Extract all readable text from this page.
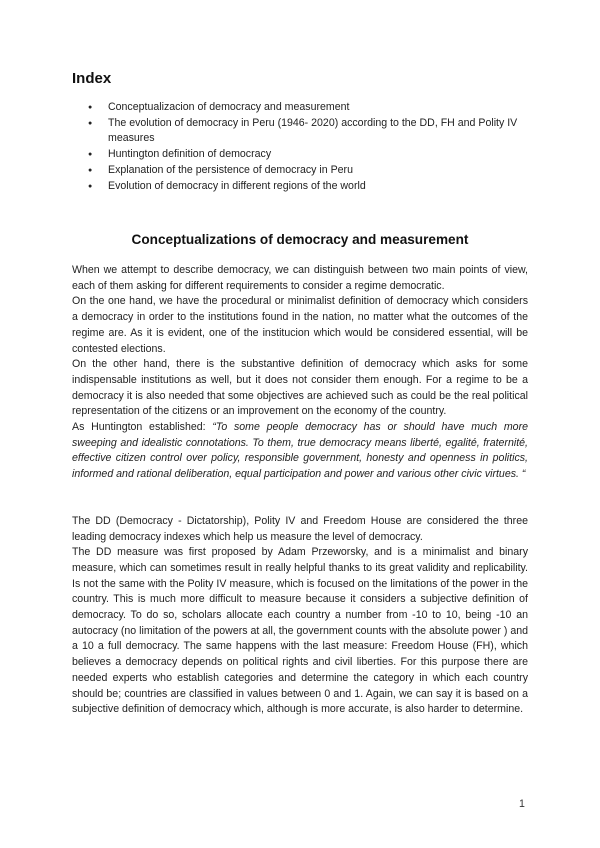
Index
● Conceptualizacion of democracy and measurement
● The evolution of democracy in Peru (1946- 2020) according to the DD, FH and Polity IV measures
● Huntington definition of democracy
● Explanation of the persistence of democracy in Peru
● Evolution of democracy in different regions of the world
Conceptualizations of democracy and measurement

When we attempt to describe democracy, we can distinguish between two main points of view, each of them asking for different requirements to consider a regime democratic.

On the one hand, we have the procedural or minimalist definition of democracy which considers a democracy in order to the institutions found in the nation, no matter what the outcomes of the regime are. As it is evident, one of the institucion which would be considered essential, will be contested elections.

On the other hand, there is the substantive definition of democracy which asks for some indispensable institutions as well, but it does not consider them enough. For a regime to be a democracy it is also needed that some objectives are achieved such as could be the real political representation of the citizens or an improvement on the economy of the country.

As Huntington established: “To some people democracy has or should have much more sweeping and idealistic connotations. To them, true democracy means liberté, egalité, fraternité, effective citizen control over policy, responsible government, honesty and openness in politics, informed and rational deliberation, equal participation and power and various other civic virtues. “

The DD (Democracy - Dictatorship), Polity IV and Freedom House are considered the three leading democracy indexes which help us measure the level of democracy.

The DD measure was first proposed by Adam Przeworsky, and is a minimalist and binary measure, which can sometimes result in really helpful thanks to its great validity and replicability. Is not the same with the Polity IV measure, which is focused on the limitations of the power in the country. This is much more difficult to measure because it considers a subjective definition of democracy. To do so, scholars allocate each country a number from -10 to 10, being -10 an autocracy (no limitation of the powers at all, the government counts with the absolute power ) and a 10 a full democracy. The same happens with the last measure: Freedom House (FH), which believes a democracy depends on political rights and civil liberties. For this purpose there are needed experts who establish categories and determine the category in which each country should be; countries are classified in values between 0 and 1. Again, we can say it is based on a subjective definition of democracy which, although is more accurate, is also harder to determine.

1
